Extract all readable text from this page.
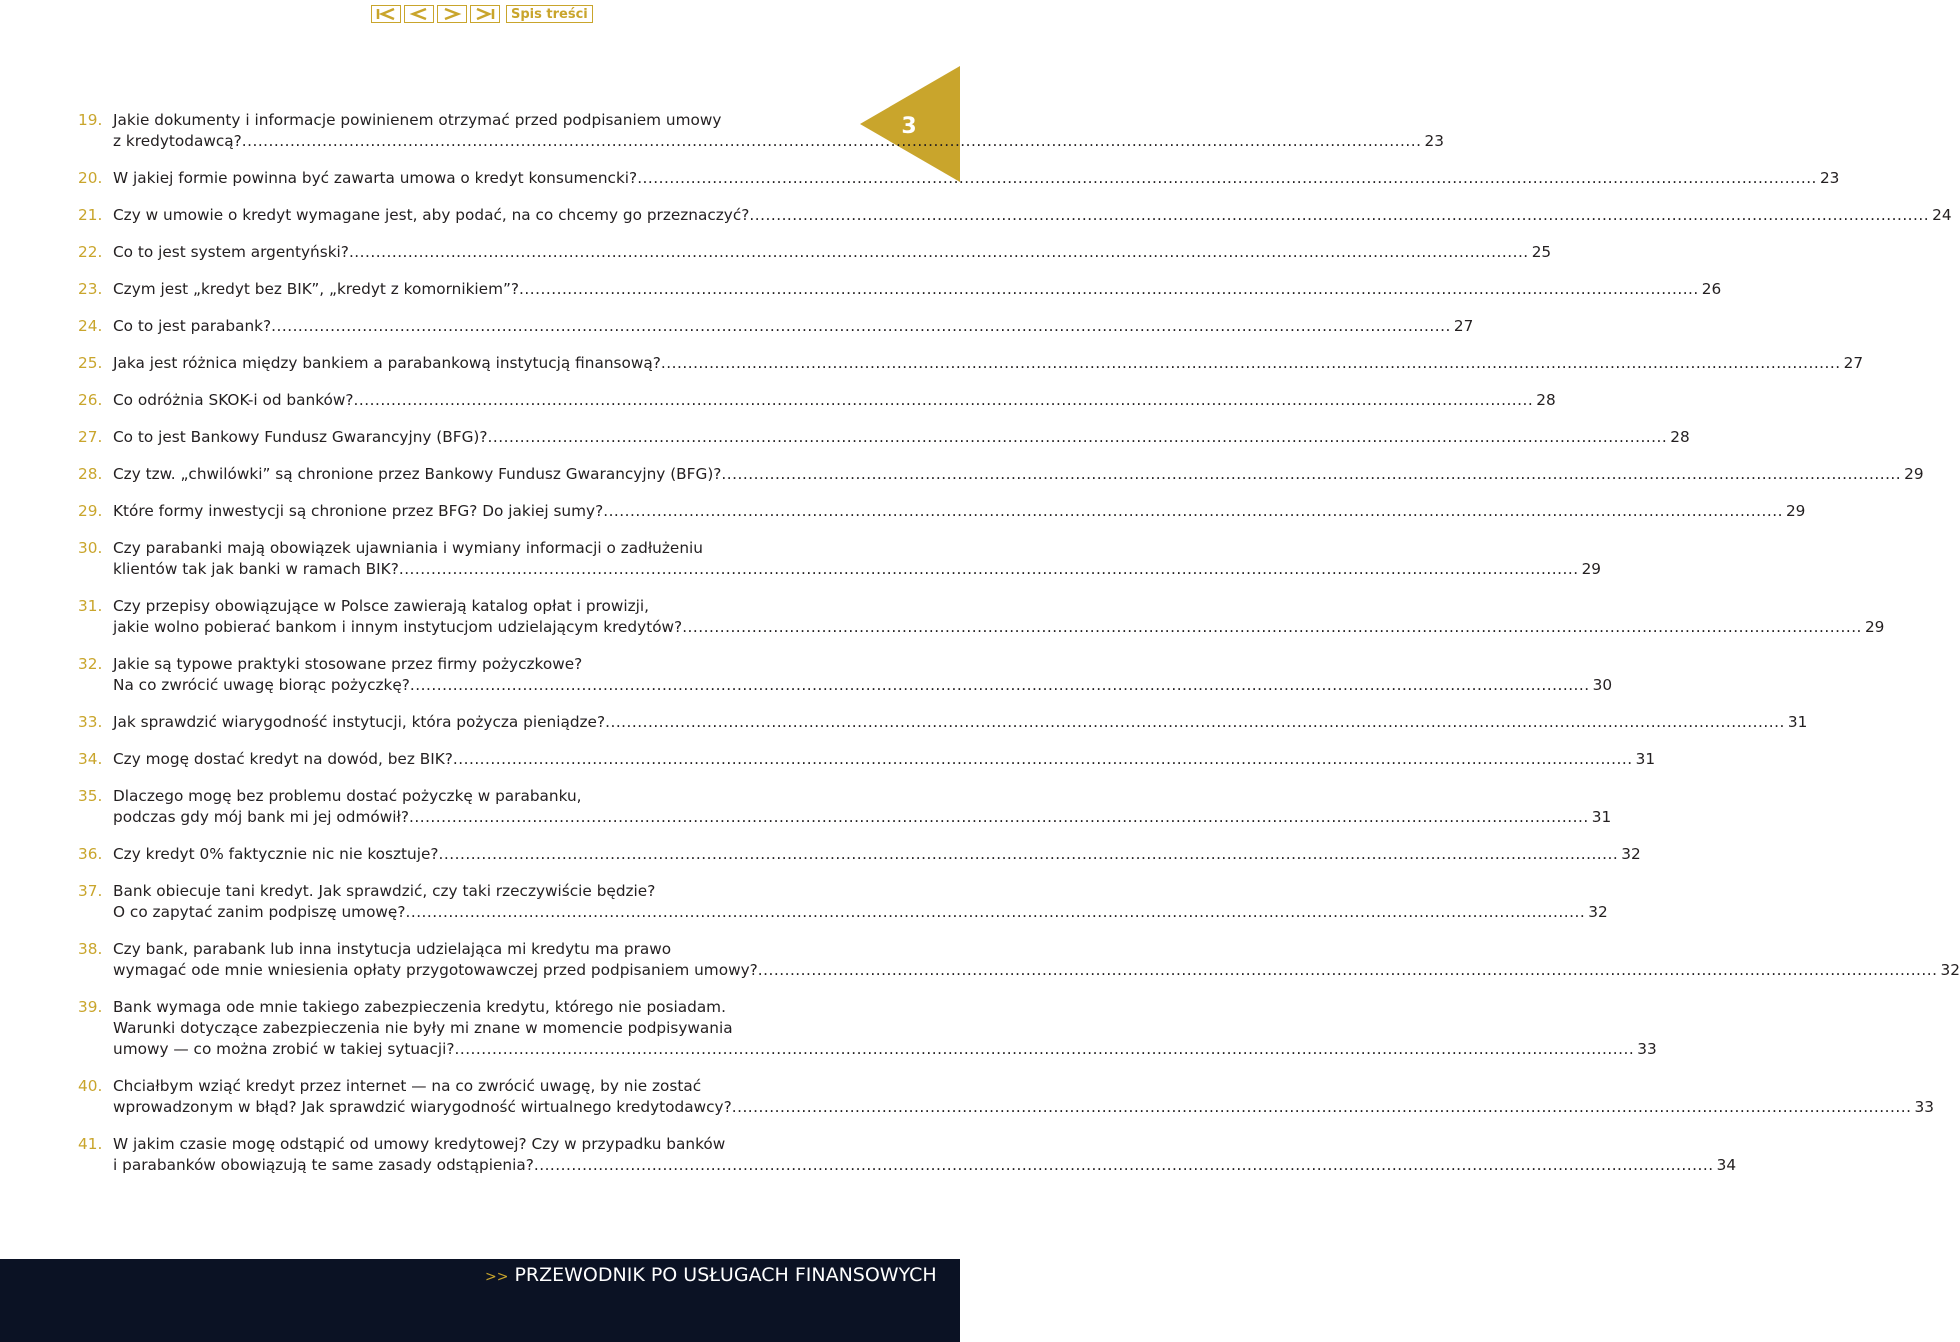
Spis treści
3
19. Jakie dokumenty i informacje powinienem otrzymać przed podpisaniem umowy
z kredytodawcą? .....	23
20. W jakiej formie powinna być zawarta umowa o kredyt konsumencki? .....	23
21. Czy w umowie o kredyt wymagane jest, aby podać, na co chcemy go przeznaczyć? .....	24
22. Co to jest system argentyński? .....	25
23. Czym jest „kredyt bez BIK”, „kredyt z komornikiem”? .....	26
24. Co to jest parabank? .....	27
25. Jaka jest różnica między bankiem a parabankową instytucją finansową? .....	27
26. Co odróżnia SKOK-i od banków? .....	28
27. Co to jest Bankowy Fundusz Gwarancyjny (BFG)? .....	28
28. Czy tzw. „chwilówki” są chronione przez Bankowy Fundusz Gwarancyjny (BFG)? .....	29
29. Które formy inwestycji są chronione przez BFG? Do jakiej sumy? .....	29
30. Czy parabanki mają obowiązek ujawniania i wymiany informacji o zadłużeniu
klientów tak jak banki w ramach BIK? .....	29
31. Czy przepisy obowiązujące w Polsce zawierają katalog opłat i prowizji,
jakie wolno pobierać bankom i innym instytucjom udzielającym kredytów? .....	29
32. Jakie są typowe praktyki stosowane przez firmy pożyczkowe?
Na co zwrócić uwagę biorąc pożyczkę? .....	30
33. Jak sprawdzić wiarygodność instytucji, która pożycza pieniądze? .....	31
34. Czy mogę dostać kredyt na dowód, bez BIK? .....	31
35. Dlaczego mogę bez problemu dostać pożyczkę w parabanku,
podczas gdy mój bank mi jej odmówił? .....	31
36. Czy kredyt 0% faktycznie nic nie kosztuje? .....	32
37. Bank obiecuje tani kredyt. Jak sprawdzić, czy taki rzeczywiście będzie?
O co zapytać zanim podpiszę umowę? .....	32
38. Czy bank, parabank lub inna instytucja udzielająca mi kredytu ma prawo
wymagać ode mnie wniesienia opłaty przygotowawczej przed podpisaniem umowy? .....	32
39. Bank wymaga ode mnie takiego zabezpieczenia kredytu, którego nie posiadam.
Warunki dotyczące zabezpieczenia nie były mi znane w momencie podpisywania
umowy — co można zrobić w takiej sytuacji? .....	33
40. Chciałbym wziąć kredyt przez internet — na co zwrócić uwagę, by nie zostać
wprowadzonym w błąd? Jak sprawdzić wiarygodność wirtualnego kredytodawcy? .....	33
41. W jakim czasie mogę odstąpić od umowy kredytowej? Czy w przypadku banków
i parabanków obowiązują te same zasady odstąpienia? .....	34
>> PRZEWODNIK PO USŁUGACH FINANSOWYCH
